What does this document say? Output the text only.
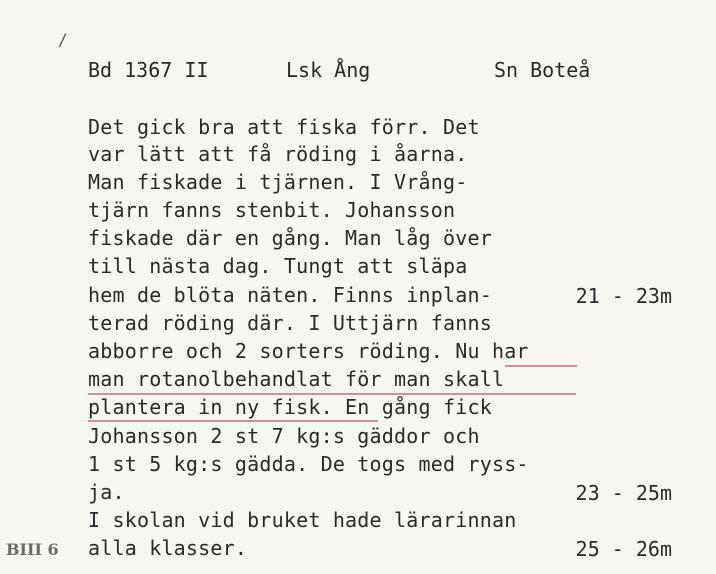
/
Bd 1367 II	Lsk Ång	Sn Boteå
Det gick bra att fiska förr. Det
var lätt att få röding i åarna.
Man fiskade i tjärnen. I Vrång-
tjärn fanns stenbit. Johansson
fiskade där en gång. Man låg över
till nästa dag. Tungt att släpa
hem de blöta näten. Finns inplan-
terad röding där. I Uttjärn fanns
abborre och 2 sorters röding. Nu har
man rotanolbehandlat för man skall
plantera in ny fisk. En gång fick
Johansson 2 st 7 kg:s gäddor och
1 st 5 kg:s gädda. De togs med ryss-
ja.
I skolan vid bruket hade lärarinnan
alla klasser.
21 - 23m
23 - 25m
25 - 26m
BIII 6
